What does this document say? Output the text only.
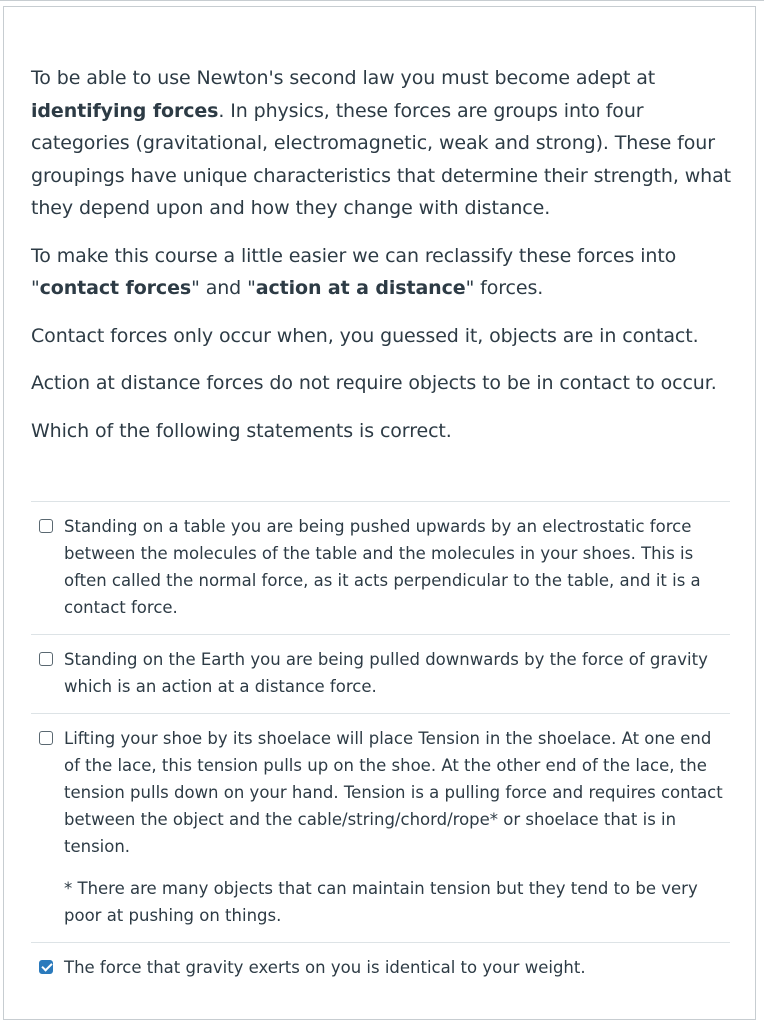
To be able to use Newton's second law you must become adept at identifying forces. In physics, these forces are groups into four categories (gravitational, electromagnetic, weak and strong). These four groupings have unique characteristics that determine their strength, what they depend upon and how they change with distance.

To make this course a little easier we can reclassify these forces into "contact forces" and "action at a distance" forces.

Contact forces only occur when, you guessed it, objects are in contact.

Action at distance forces do not require objects to be in contact to occur.

Which of the following statements is correct.

Standing on a table you are being pushed upwards by an electrostatic force between the molecules of the table and the molecules in your shoes. This is often called the normal force, as it acts perpendicular to the table, and it is a contact force.

Standing on the Earth you are being pulled downwards by the force of gravity which is an action at a distance force.

Lifting your shoe by its shoelace will place Tension in the shoelace. At one end of the lace, this tension pulls up on the shoe. At the other end of the lace, the tension pulls down on your hand. Tension is a pulling force and requires contact between the object and the cable/string/chord/rope* or shoelace that is in tension.

* There are many objects that can maintain tension but they tend to be very poor at pushing on things.

The force that gravity exerts on you is identical to your weight.
